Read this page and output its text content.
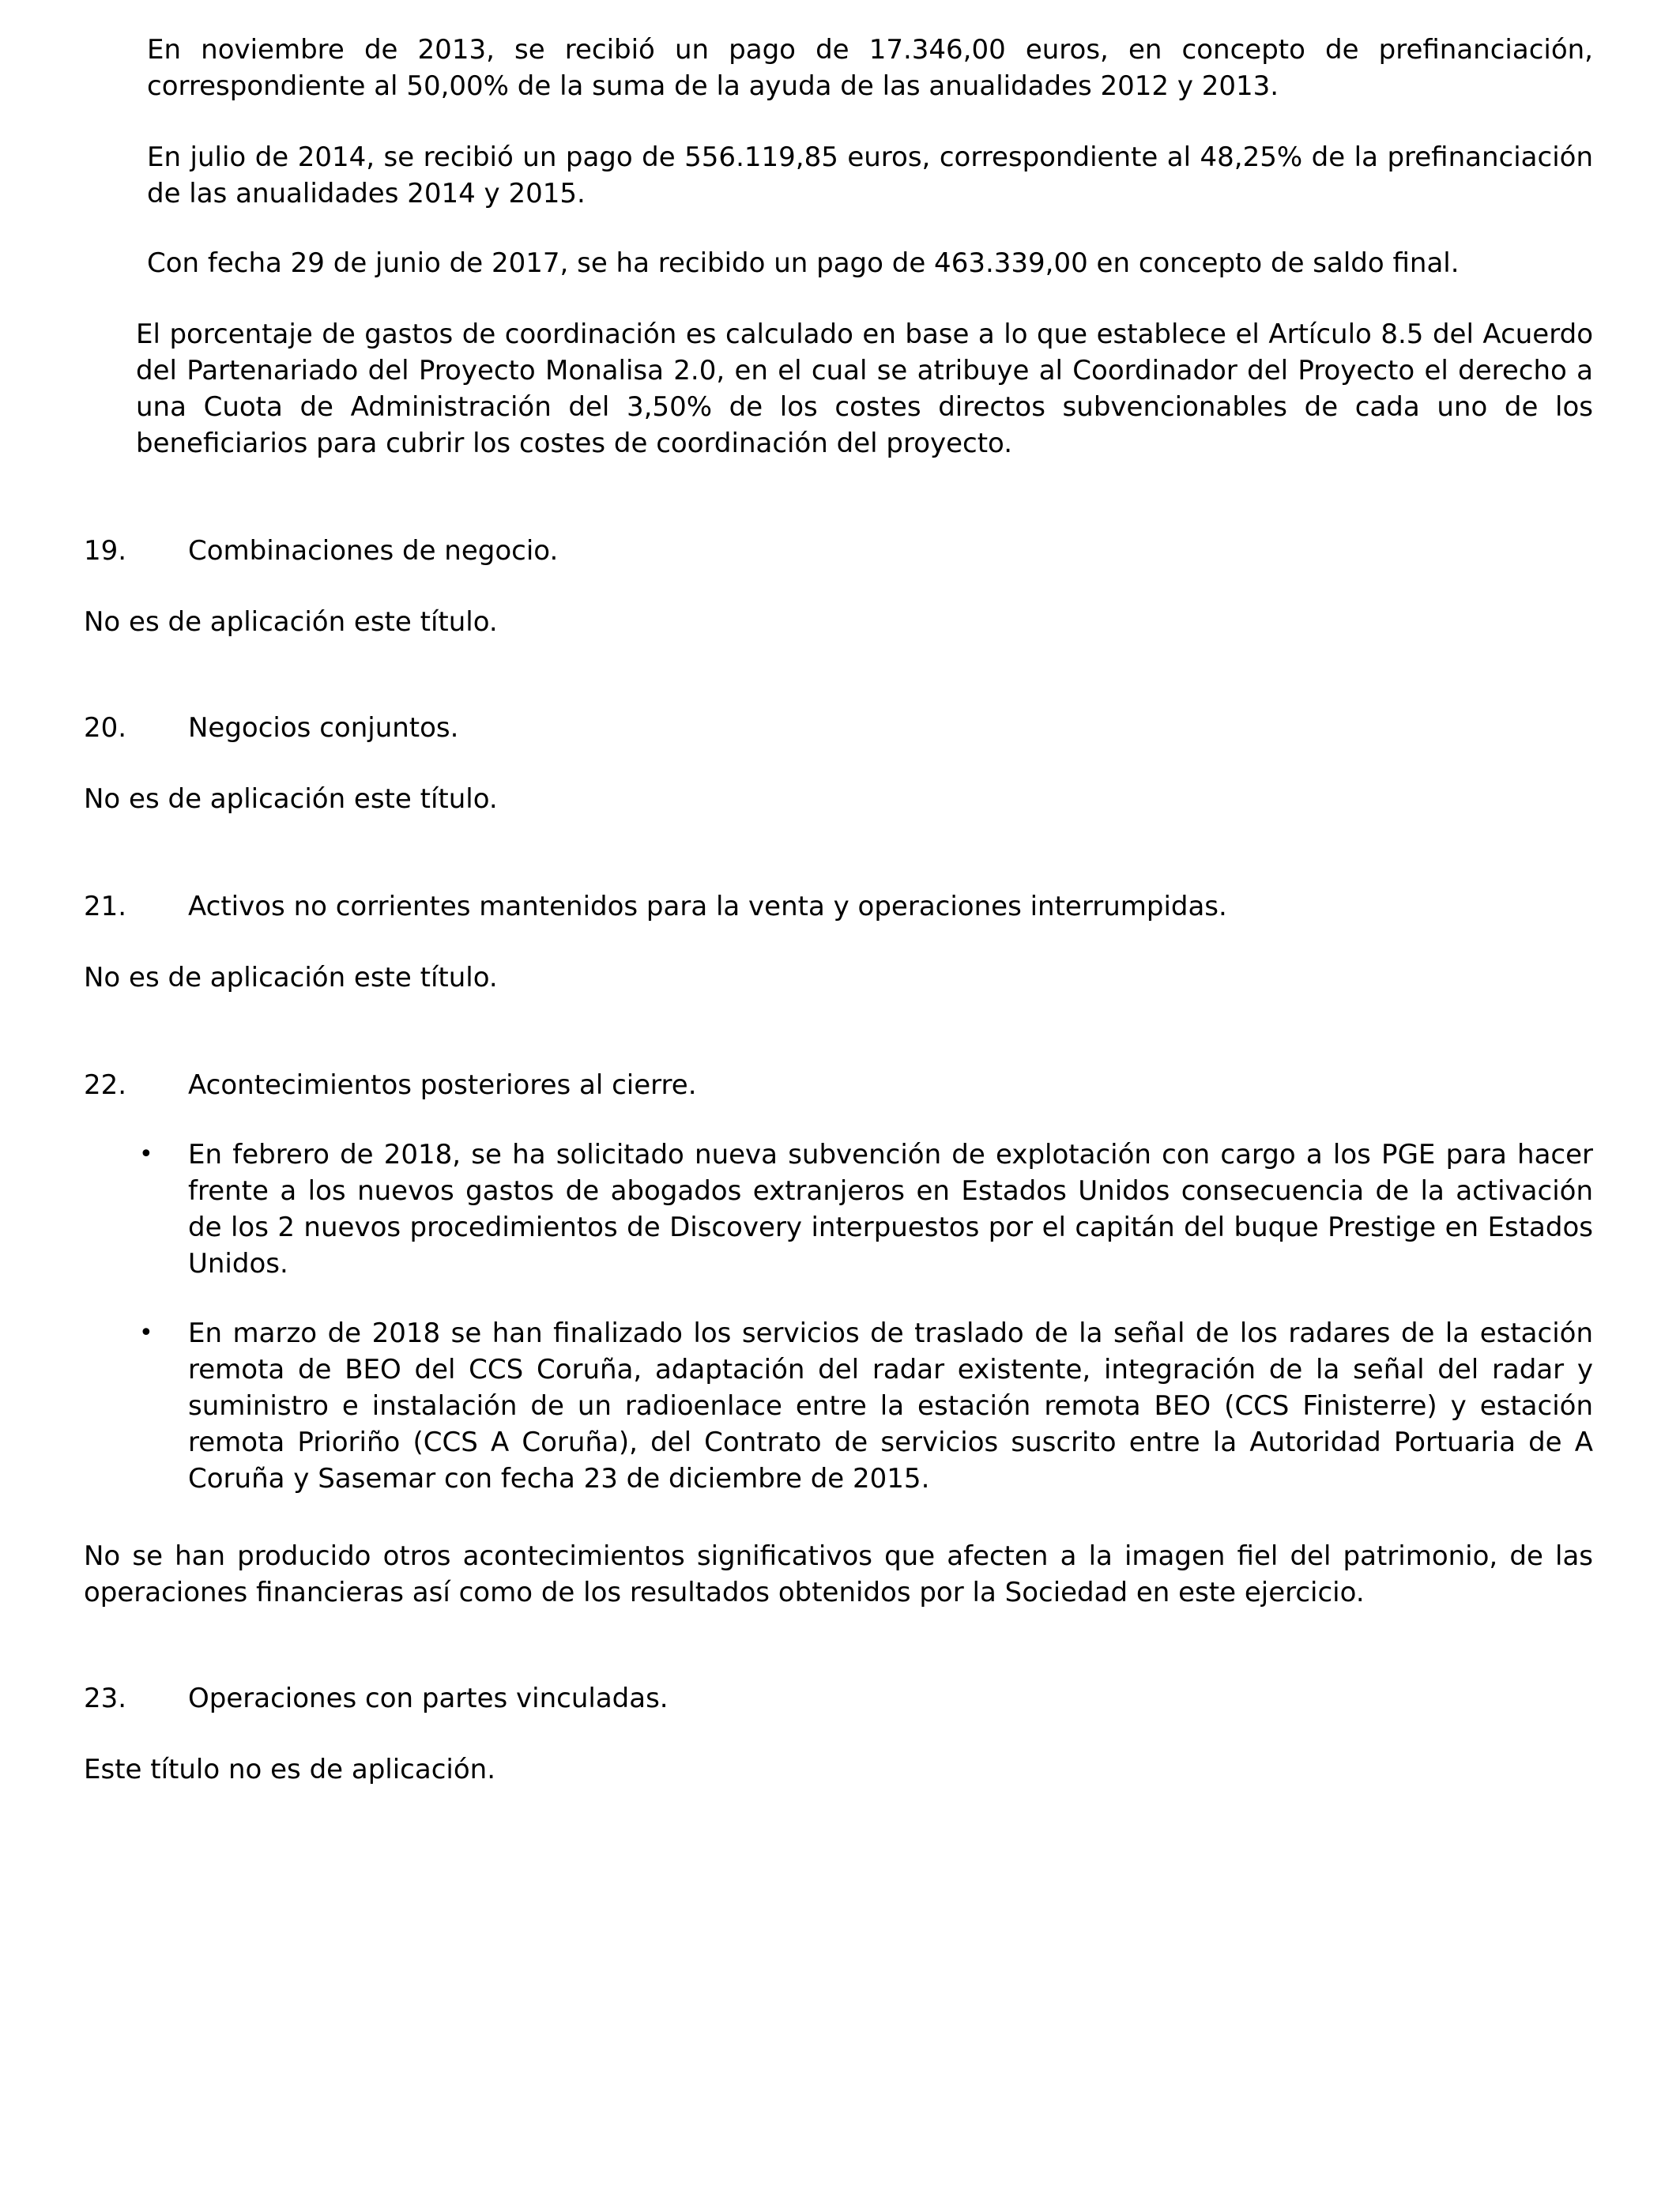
En noviembre de 2013, se recibió un pago de 17.346,00 euros, en concepto de prefinanciación, correspondiente al 50,00% de la suma de la ayuda de las anualidades 2012 y 2013.

En julio de 2014, se recibió un pago de 556.119,85 euros, correspondiente al 48,25% de la prefinanciación de las anualidades 2014 y 2015.

Con fecha 29 de junio de 2017, se ha recibido un pago de 463.339,00 en concepto de saldo final.

El porcentaje de gastos de coordinación es calculado en base a lo que establece el Artículo 8.5 del Acuerdo del Partenariado del Proyecto Monalisa 2.0, en el cual se atribuye al Coordinador del Proyecto el derecho a una Cuota de Administración del 3,50% de los costes directos subvencionables de cada uno de los beneficiarios para cubrir los costes de coordinación del proyecto.

19. Combinaciones de negocio.

No es de aplicación este título.

20. Negocios conjuntos.

No es de aplicación este título.

21. Activos no corrientes mantenidos para la venta y operaciones interrumpidas.

No es de aplicación este título.

22. Acontecimientos posteriores al cierre.
• En febrero de 2018, se ha solicitado nueva subvención de explotación con cargo a los PGE para hacer frente a los nuevos gastos de abogados extranjeros en Estados Unidos consecuencia de la activación de los 2 nuevos procedimientos de Discovery interpuestos por el capitán del buque Prestige en Estados Unidos.
• En marzo de 2018 se han finalizado los servicios de traslado de la señal de los radares de la estación remota de BEO del CCS Coruña, adaptación del radar existente, integración de la señal del radar y suministro e instalación de un radioenlace entre la estación remota BEO (CCS Finisterre) y estación remota Prioriño (CCS A Coruña), del Contrato de servicios suscrito entre la Autoridad Portuaria de A Coruña y Sasemar con fecha 23 de diciembre de 2015.

No se han producido otros acontecimientos significativos que afecten a la imagen fiel del patrimonio, de las operaciones financieras así como de los resultados obtenidos por la Sociedad en este ejercicio.

23. Operaciones con partes vinculadas.

Este título no es de aplicación.
